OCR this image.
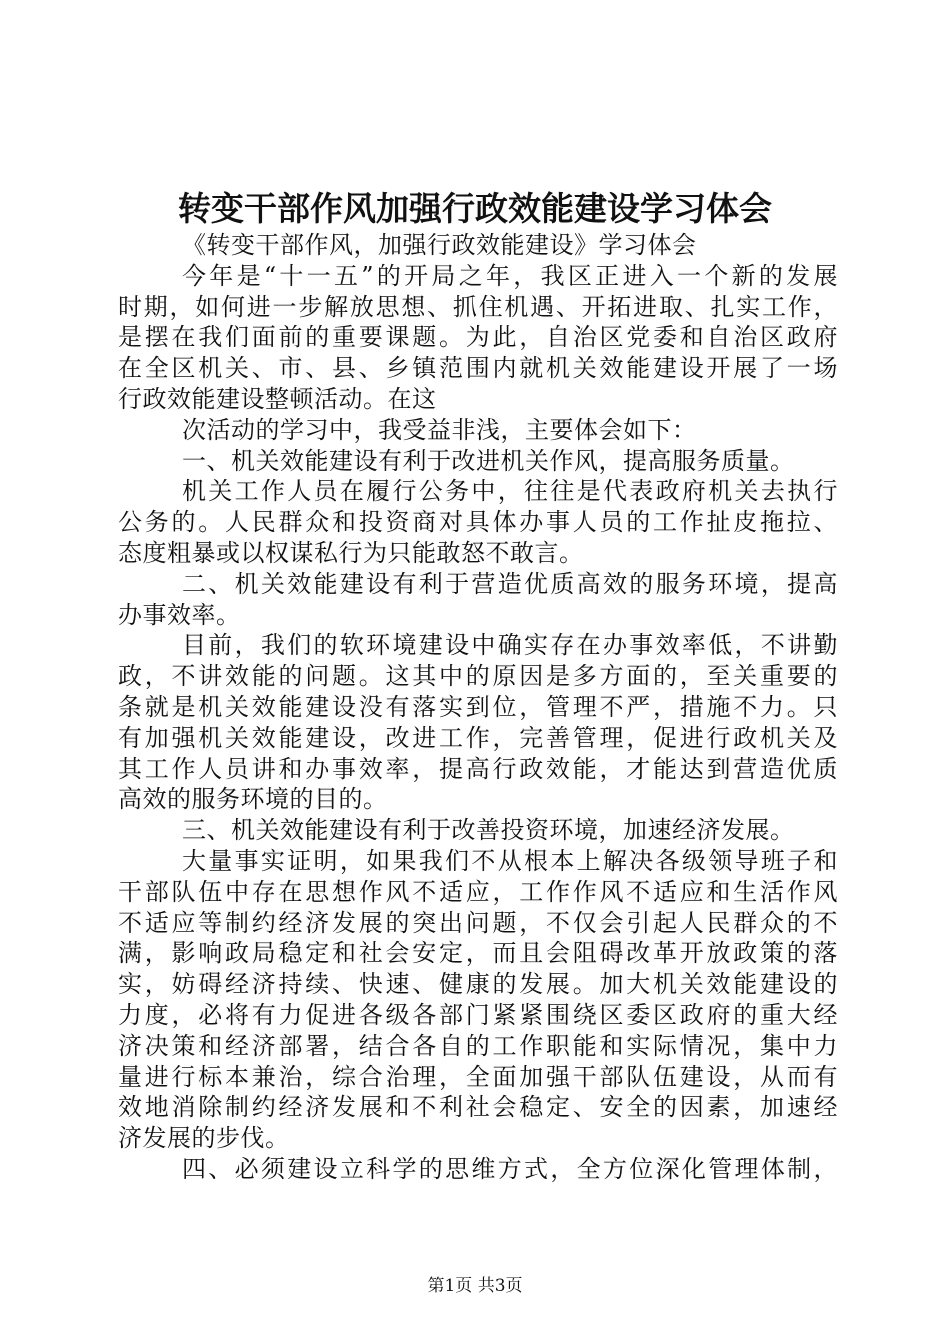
转变干部作风加强行政效能建设学习体会
《转变干部作风，加强行政效能建设》学习体会
今年是“十一五”的开局之年，我区正进入一个新的发展
时期，如何进一步解放思想、抓住机遇、开拓进取、扎实工作，
是摆在我们面前的重要课题。为此，自治区党委和自治区政府
在全区机关、市、县、乡镇范围内就机关效能建设开展了一场
行政效能建设整顿活动。在这
次活动的学习中，我受益非浅，主要体会如下：
一、机关效能建设有利于改进机关作风，提高服务质量。
机关工作人员在履行公务中，往往是代表政府机关去执行
公务的。人民群众和投资商对具体办事人员的工作扯皮拖拉、
态度粗暴或以权谋私行为只能敢怒不敢言。
二、机关效能建设有利于营造优质高效的服务环境，提高
办事效率。
目前，我们的软环境建设中确实存在办事效率低，不讲勤
政，不讲效能的问题。这其中的原因是多方面的，至关重要的
条就是机关效能建设没有落实到位，管理不严，措施不力。只
有加强机关效能建设，改进工作，完善管理，促进行政机关及
其工作人员讲和办事效率，提高行政效能，才能达到营造优质
高效的服务环境的目的。
三、机关效能建设有利于改善投资环境，加速经济发展。
大量事实证明，如果我们不从根本上解决各级领导班子和
干部队伍中存在思想作风不适应，工作作风不适应和生活作风
不适应等制约经济发展的突出问题，不仅会引起人民群众的不
满，影响政局稳定和社会安定，而且会阻碍改革开放政策的落
实，妨碍经济持续、快速、健康的发展。加大机关效能建设的
力度，必将有力促进各级各部门紧紧围绕区委区政府的重大经
济决策和经济部署，结合各自的工作职能和实际情况，集中力
量进行标本兼治，综合治理，全面加强干部队伍建设，从而有
效地消除制约经济发展和不利社会稳定、安全的因素，加速经
济发展的步伐。
四、必须建设立科学的思维方式，全方位深化管理体制，
第1页 共3页
